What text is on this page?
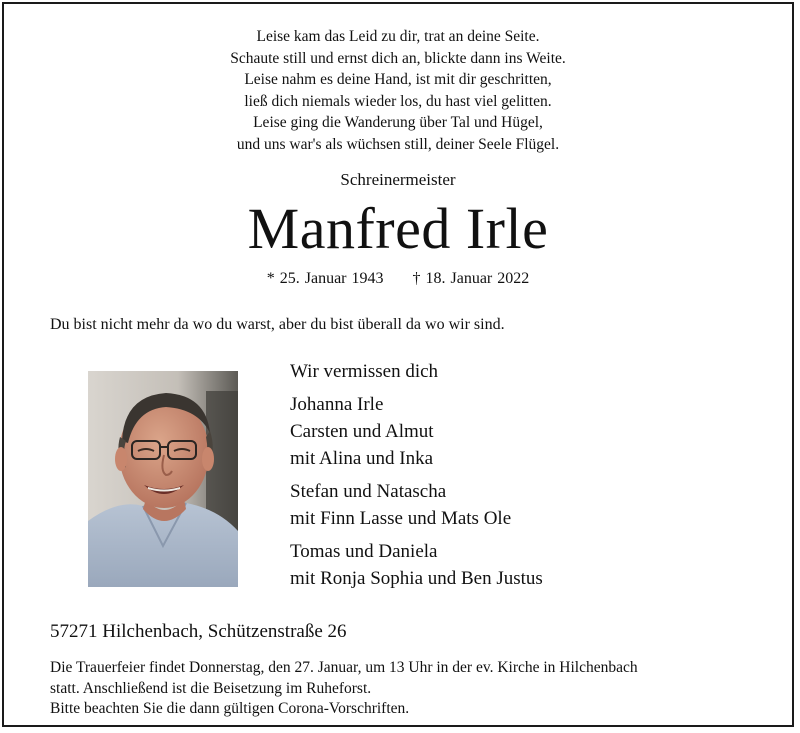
Leise kam das Leid zu dir, trat an deine Seite.
Schaute still und ernst dich an, blickte dann ins Weite.
Leise nahm es deine Hand, ist mit dir geschritten,
ließ dich niemals wieder los, du hast viel gelitten.
Leise ging die Wanderung über Tal und Hügel,
und uns war's als wüchsen still, deiner Seele Flügel.
Schreinermeister
Manfred Irle
* 25. Januar 1943 † 18. Januar 2022
Du bist nicht mehr da wo du warst, aber du bist überall da wo wir sind.
Wir vermissen dich
Johanna Irle
Carsten und Almut
mit Alina und Inka
Stefan und Natascha
mit Finn Lasse und Mats Ole
Tomas und Daniela
mit Ronja Sophia und Ben Justus
57271 Hilchenbach, Schützenstraße 26
Die Trauerfeier findet Donnerstag, den 27. Januar, um 13 Uhr in der ev. Kirche in Hilchenbach
statt. Anschließend ist die Beisetzung im Ruheforst.
Bitte beachten Sie die dann gültigen Corona-Vorschriften.
